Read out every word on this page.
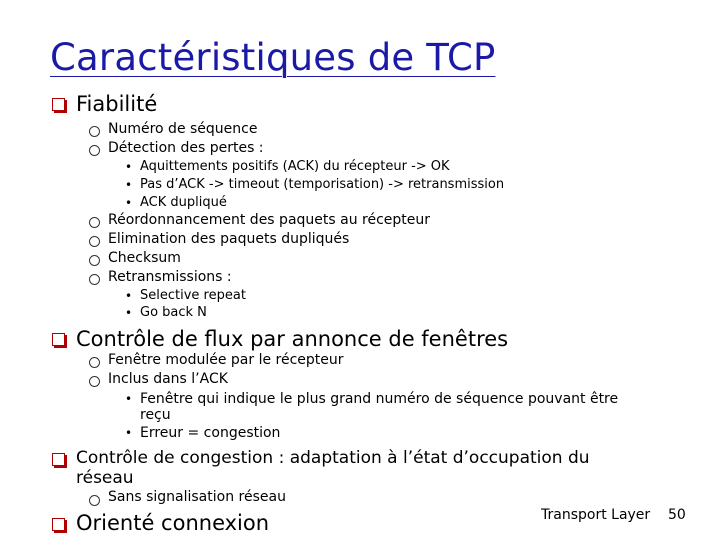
Caractéristiques de TCP
Fiabilité
Numéro de séquence
Détection des pertes :
• Aquittements positifs (ACK) du récepteur -> OK
• Pas d’ACK -> timeout (temporisation) -> retransmission
• ACK dupliqué
Réordonnancement des paquets au récepteur
Elimination des paquets dupliqués
Checksum
Retransmissions :
• Selective repeat
• Go back N
Contrôle de flux par annonce de fenêtres
Fenêtre modulée par le récepteur
Inclus dans l’ACK
• Fenêtre qui indique le plus grand numéro de séquence pouvant être
reçu
• Erreur = congestion
Contrôle de congestion : adaptation à l’état d’occupation du
réseau
Sans signalisation réseau
Orienté connexion	Transport Layer 50
